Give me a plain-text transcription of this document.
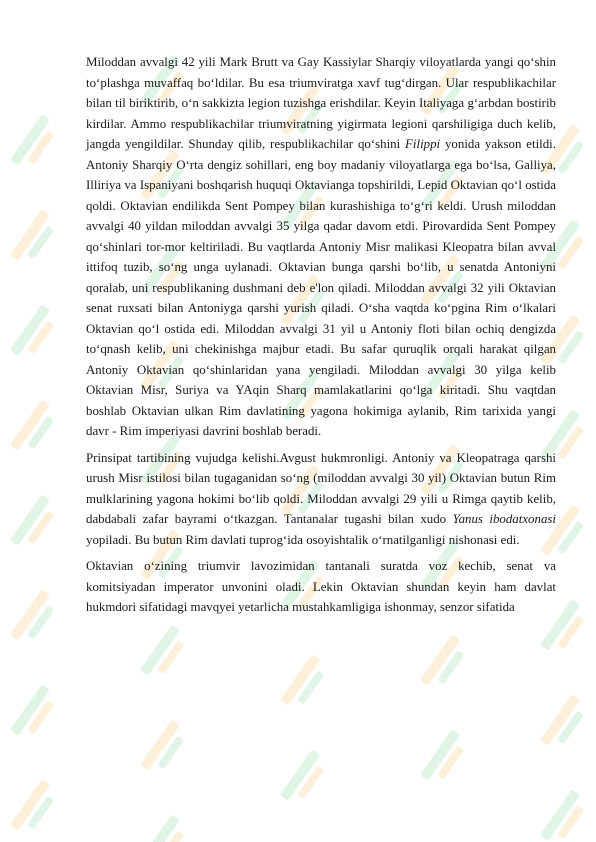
Miloddan avvalgi 42 yili Mark Brutt va Gay Kassiylar Sharqiy viloyatlarda yangi qo‘shin to‘plashga muvaffaq bo‘ldilar. Bu esa triumviratga xavf tug‘dirgan. Ular respublikachilar bilan til biriktirib, o‘n sakkizta legion tuzishga erishdilar. Keyin Italiyaga g‘arbdan bostirib kirdilar. Ammo respublikachilar triumviratning yigirmata legioni qarshiligiga duch kelib, jangda yengildilar. Shunday qilib, respublikachilar qo‘shini Filippi yonida yakson etildi. Antoniy Sharqiy O‘rta dengiz sohillari, eng boy madaniy viloyatlarga ega bo‘lsa, Galliya, Illiriya va Ispaniyani boshqarish huquqi Oktavianga topshirildi, Lepid Oktavian qo‘l ostida qoldi. Oktavian endilikda Sent Pompey bilan kurashishiga to‘g‘ri keldi. Urush miloddan avvalgi 40 yildan miloddan avvalgi 35 yilga qadar davom etdi. Pirovardida Sent Pompey qo‘shinlari tor-mor keltiriladi. Bu vaqtlarda Antoniy Misr malikasi Kleopatra bilan avval ittifoq tuzib, so‘ng unga uylanadi. Oktavian bunga qarshi bo‘lib, u senatda Antoniyni qoralab, uni respublikaning dushmani deb e'lon qiladi. Miloddan avvalgi 32 yili Oktavian senat ruxsati bilan Antoniyga qarshi yurish qiladi. O‘sha vaqtda ko‘pgina Rim o‘lkalari Oktavian qo‘l ostida edi. Miloddan avvalgi 31 yil u Antoniy floti bilan ochiq dengizda to‘qnash kelib, uni chekinishga majbur etadi. Bu safar quruqlik orqali harakat qilgan Antoniy Oktavian qo‘shinlaridan yana yengiladi. Miloddan avvalgi 30 yilga kelib Oktavian Misr, Suriya va YAqin Sharq mamlakatlarini qo‘lga kiritadi. Shu vaqtdan boshlab Oktavian ulkan Rim davlatining yagona hokimiga aylanib, Rim tarixida yangi davr - Rim imperiyasi davrini boshlab beradi.

Prinsipat tartibining vujudga kelishi.Avgust hukmronligi. Antoniy va Kleopatraga qarshi urush Misr istilosi bilan tugaganidan so‘ng (miloddan avvalgi 30 yil) Oktavian butun Rim mulklarining yagona hokimi bo‘lib qoldi. Miloddan avvalgi 29 yili u Rimga qaytib kelib, dabdabali zafar bayrami o‘tkazgan. Tantanalar tugashi bilan xudo Yanus ibodatxonasi yopiladi. Bu butun Rim davlati tuprog‘ida osoyishtalik o‘rnatilganligi nishonasi edi.

Oktavian o‘zining triumvir lavozimidan tantanali suratda voz kechib, senat va komitsiyadan imperator unvonini oladi. Lekin Oktavian shundan keyin ham davlat hukmdori sifatidagi mavqyei yetarlicha mustahkamligiga ishonmay, senzor sifatida
